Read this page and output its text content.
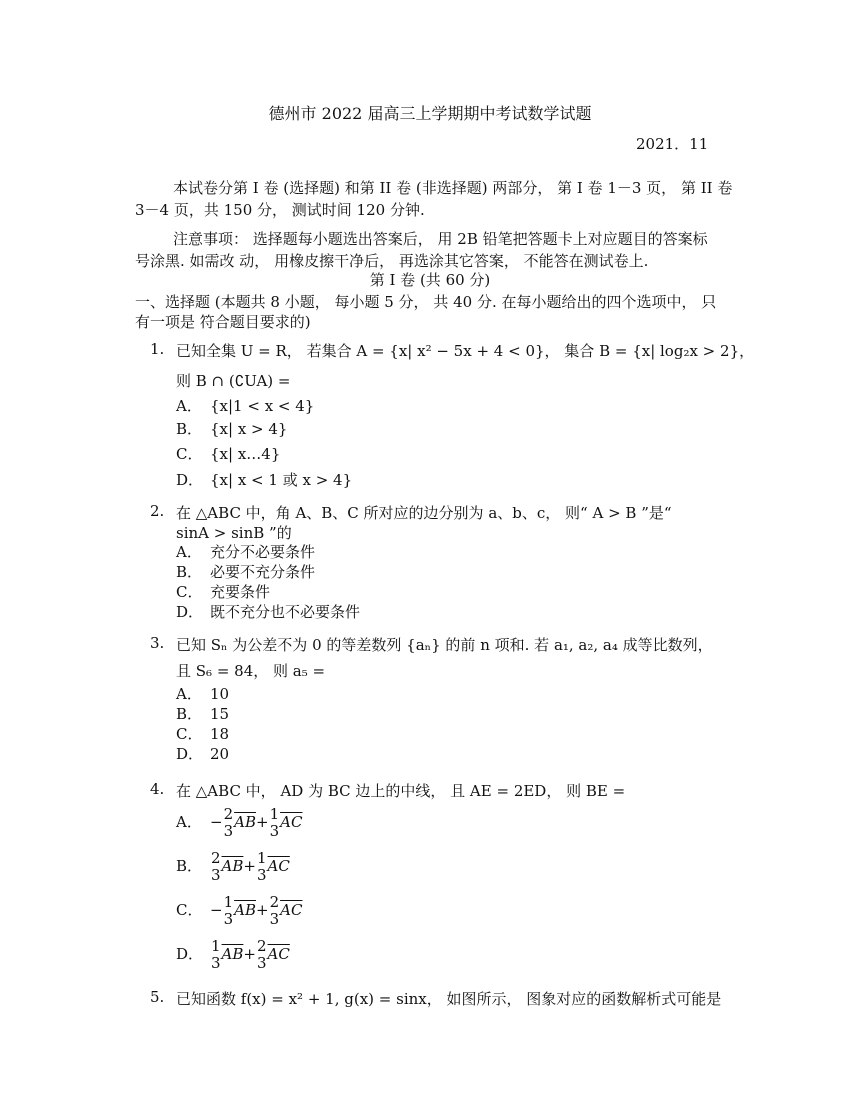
德州市 2022 届高三上学期期中考试数学试题
2021．11
本试卷分第 I 卷 (选择题) 和第 II 卷 (非选择题) 两部分， 第 I 卷 1－3 页， 第 II 卷
3－4 页，共 150 分， 测试时间 120 分钟.
注意事项： 选择题每小题选出答案后， 用 2B 铅笔把答题卡上对应题目的答案标
号涂黑. 如需改 动， 用橡皮擦干净后， 再选涂其它答案， 不能答在测试卷上.
第 I 卷 (共 60 分)
一、选择题 (本题共 8 小题， 每小题 5 分， 共 40 分. 在每小题给出的四个选项中， 只
有一项是 符合题目要求的)
1. 已知全集 U = R， 若集合 A = {x| x² − 5x + 4 < 0}， 集合 B = {x| log₂x > 2}，
则 B ∩ (∁UA) =
A． {x|1 < x < 4}
B． {x| x > 4}
C． {x| x…4}
D． {x| x < 1 或 x > 4}
2. 在 △ABC 中，角 A、B、C 所对应的边分别为 a、b、c， 则“ A > B ”是“
sinA > sinB ”的
A． 充分不必要条件
B． 必要不充分条件
C． 充要条件
D． 既不充分也不必要条件
3. 已知 Sₙ 为公差不为 0 的等差数列 {aₙ} 的前 n 项和. 若 a₁, a₂, a₄ 成等比数列，
且 S₆ = 84， 则 a₅ =
A． 10
B． 15
C． 18
D． 20
4. 在 △ABC 中， AD 为 BC 边上的中线， 且 AE = 2ED， 则 BE =
A． − 2
3 $\overline{AB}+ 1$
3 $\overline{AC}$
B． 2
3 $\overline{AB}+ 1$
3 $\overline{AC}$
C． − 1
3 $\overline{AB}+ 2$
3 $\overline{AC}$
D． 1
3 $\overline{AB}+ 2$
3 $\overline{AC}$
5. 已知函数 f(x) = x² + 1, g(x) = sinx， 如图所示， 图象对应的函数解析式可能是
